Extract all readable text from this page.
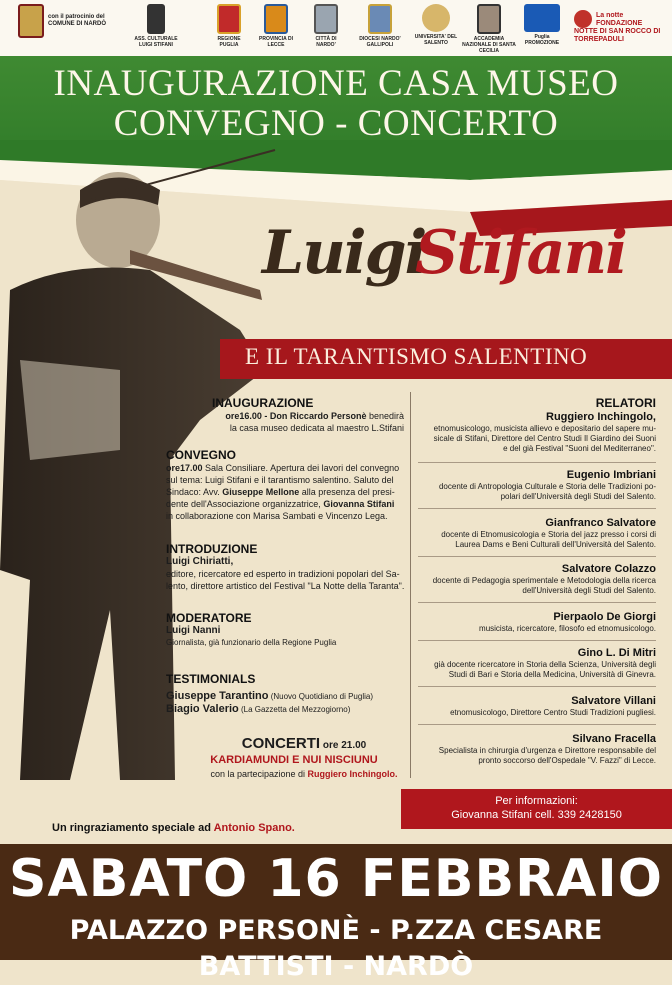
con il patrocinio del COMUNE DI NARDÒ
ASS. CULTURALE LUIGI STIFANI
REGIONE PUGLIA
PROVINCIA DI LECCE
CITTÀ DI NARDO'
DIOCESI NARDO' GALLIPOLI
UNIVERSITA' DEL SALENTO
ACCADEMIA NAZIONALE DI SANTA CECILIA
Puglia PROMOZIONE
La notte FONDAZIONE NOTTE DI SAN ROCCO DI TORREPADULI
INAUGURAZIONE CASA MUSEO
CONVEGNO - CONCERTO
Luigi
Stifani
E IL TARANTISMO SALENTINO
INAUGURAZIONE
ore16.00 - Don Riccardo Personè benedirà
la casa museo dedicata al maestro L.Stifani
CONVEGNO
ore17.00 Sala Consiliare. Apertura dei lavori del convegno
sul tema: Luigi Stifani e il tarantismo salentino. Saluto del
Sindaco: Avv. Giuseppe Mellone alla presenza del presi-
dente dell'Associazione organizzatrice, Giovanna Stifani
in collaborazione con Marisa Sambati e Vincenzo Lega.
INTRODUZIONE
Luigi Chiriatti,
editore, ricercatore ed esperto in tradizioni popolari del Sa-
lento, direttore artistico del Festival "La Notte della Taranta".
MODERATORE
Luigi Nanni
Giornalista, già funzionario della Regione Puglia
TESTIMONIALS
Giuseppe Tarantino (Nuovo Quotidiano di Puglia)
Biagio Valerio (La Gazzetta del Mezzogiorno)
CONCERTI ore 21.00
KARDIAMUNDI E NUI NISCIUNU
con la partecipazione di Ruggiero Inchingolo.
RELATORI
Ruggiero Inchingolo,
etnomusicologo, musicista allievo e depositario del sapere mu-
sicale di Stifani, Direttore del Centro Studi Il Giardino dei Suoni
e del già Festival "Suoni del Mediterraneo".
Eugenio Imbriani
docente di Antropologia Culturale e Storia delle Tradizioni po-
polari dell'Università degli Studi del Salento.
Gianfranco Salvatore
docente di Etnomusicologia e Storia del jazz presso i corsi di
Laurea Dams e Beni Culturali dell'Università del Salento.
Salvatore Colazzo
docente di Pedagogia sperimentale e Metodologia della ricerca
dell'Università degli Studi del Salento.
Pierpaolo De Giorgi
musicista, ricercatore, filosofo ed etnomusicologo.
Gino L. Di Mitri
già docente ricercatore in Storia della Scienza, Università degli
Studi di Bari e Storia della Medicina, Università di Ginevra.
Salvatore Villani
etnomusicologo, Direttore Centro Studi Tradizioni pugliesi.
Silvano Fracella
Specialista in chirurgia d'urgenza e Direttore responsabile del
pronto soccorso dell'Ospedale "V. Fazzi" di Lecce.
Per informazioni:
Giovanna Stifani cell. 339 2428150
Un ringraziamento speciale ad Antonio Spano.
SABATO 16 FEBBRAIO
PALAZZO PERSONÈ - P.ZZA CESARE BATTISTI - NARDÒ
